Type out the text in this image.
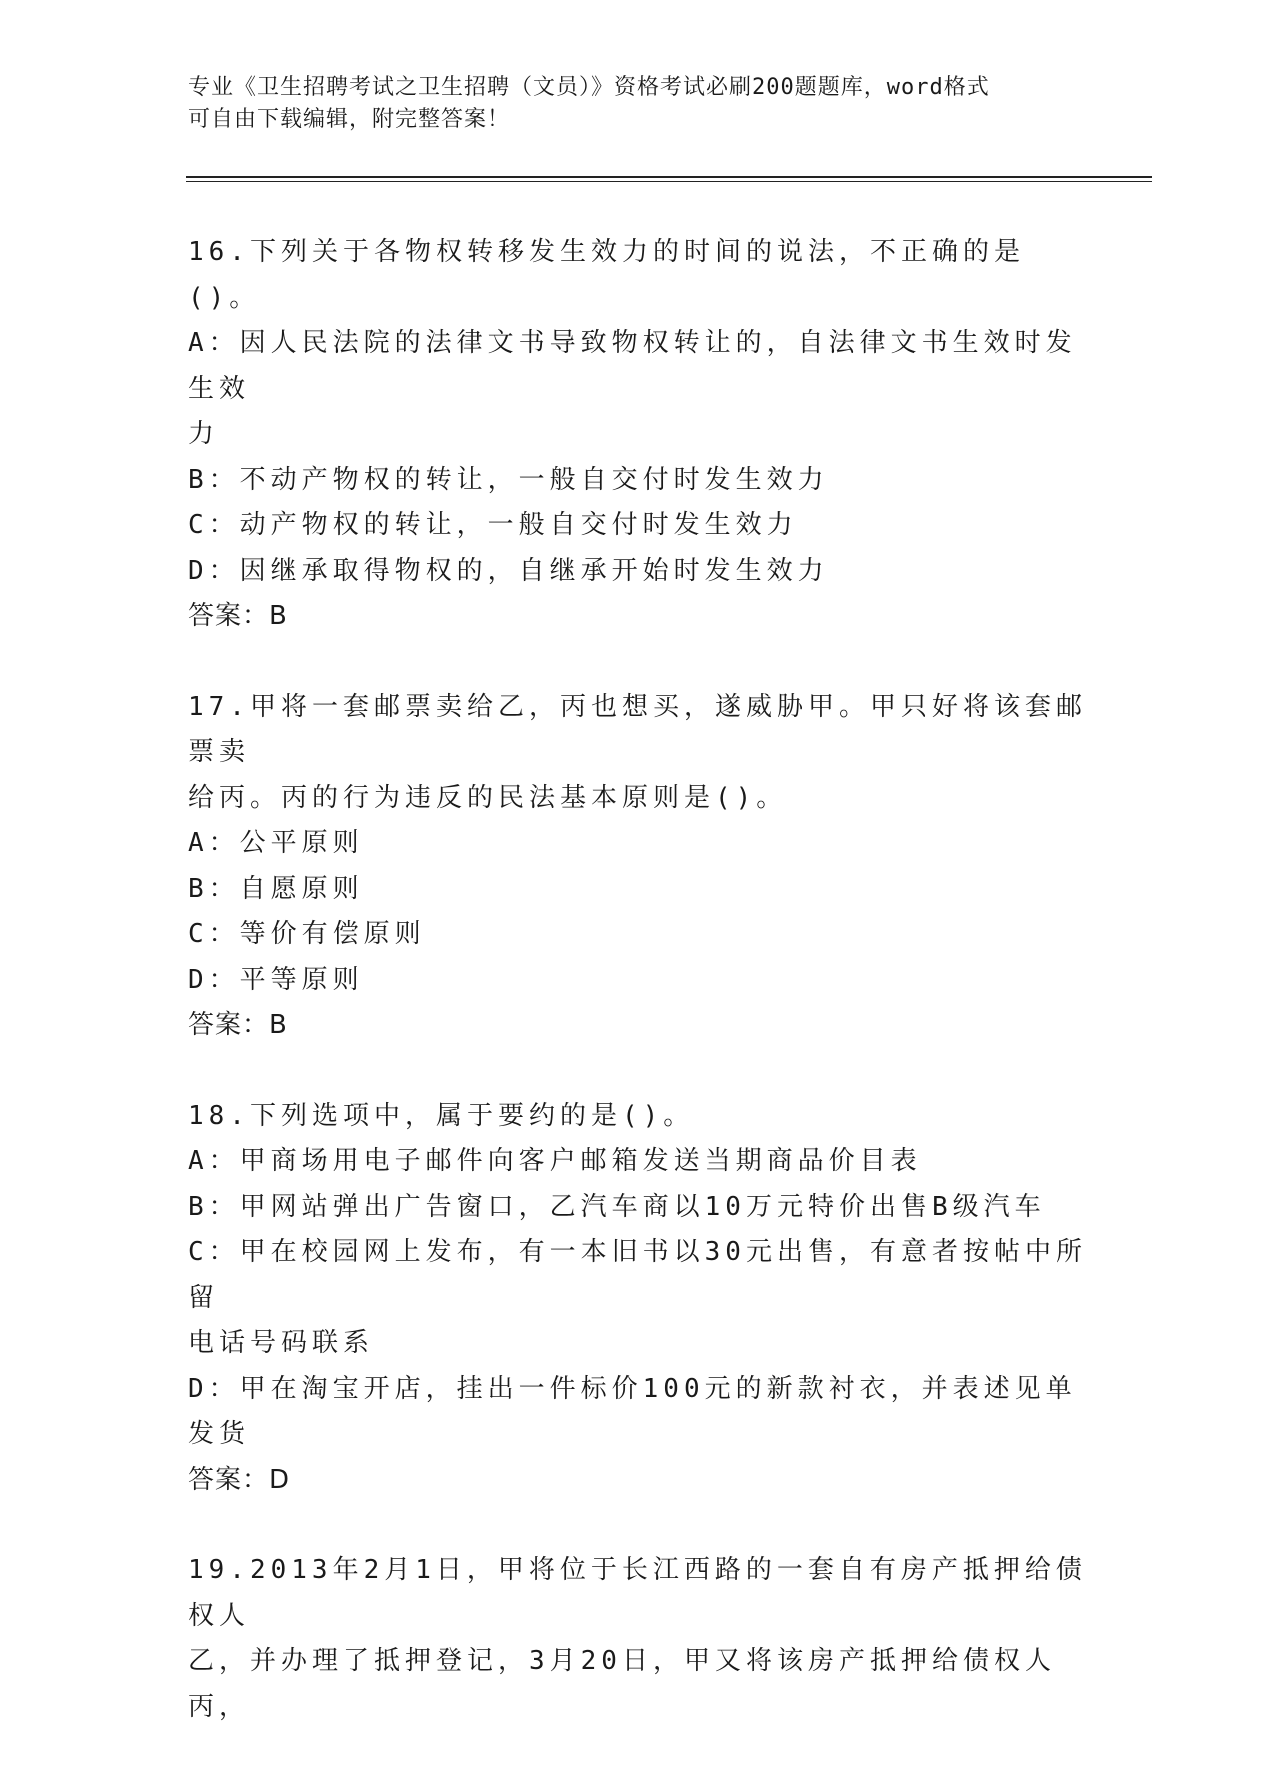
专业《卫生招聘考试之卫生招聘（文员）》资格考试必刷200题题库，word格式
可自由下载编辑，附完整答案！
16.下列关于各物权转移发生效力的时间的说法，不正确的是()。
A：因人民法院的法律文书导致物权转让的，自法律文书生效时发生效
力
B：不动产物权的转让，一般自交付时发生效力
C：动产物权的转让，一般自交付时发生效力
D：因继承取得物权的，自继承开始时发生效力
答案：B
17.甲将一套邮票卖给乙，丙也想买，遂威胁甲。甲只好将该套邮票卖
给丙。丙的行为违反的民法基本原则是()。
A：公平原则
B：自愿原则
C：等价有偿原则
D：平等原则
答案：B
18.下列选项中，属于要约的是()。
A：甲商场用电子邮件向客户邮箱发送当期商品价目表
B：甲网站弹出广告窗口，乙汽车商以10万元特价出售B级汽车
C：甲在校园网上发布，有一本旧书以30元出售，有意者按帖中所留
电话号码联系
D：甲在淘宝开店，挂出一件标价100元的新款衬衣，并表述见单发货
答案：D
19.2013年2月1日，甲将位于长江西路的一套自有房产抵押给债权人
乙，并办理了抵押登记，3月20日，甲又将该房产抵押给债权人丙，
